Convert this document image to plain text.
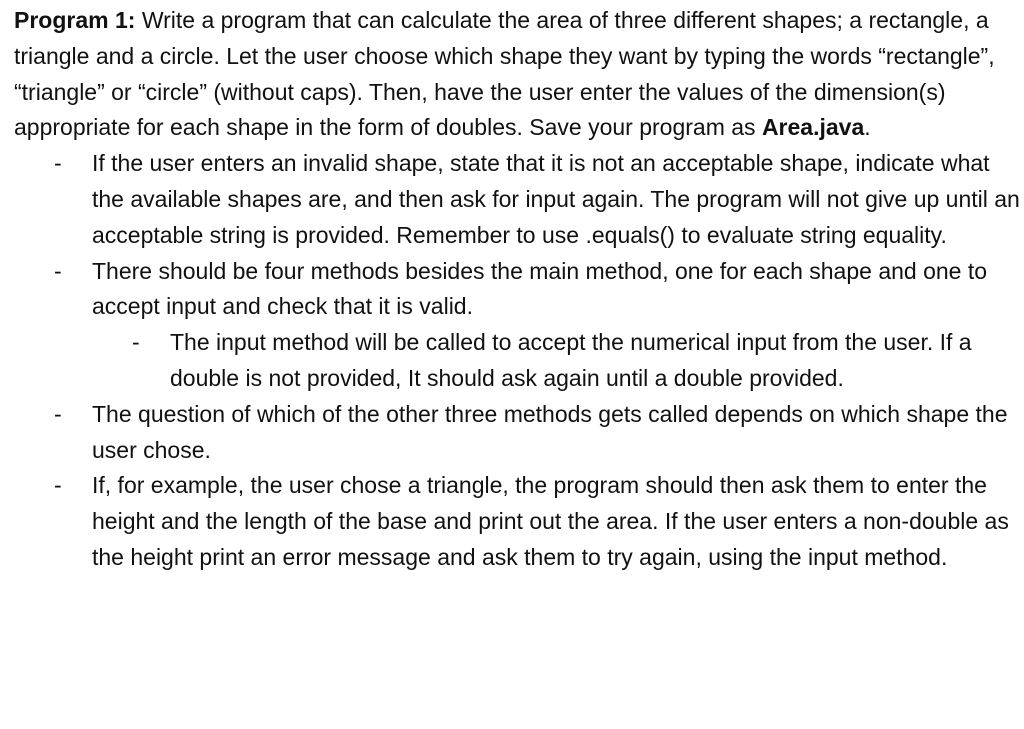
Program 1: Write a program that can calculate the area of three different shapes; a rectangle, a triangle and a circle. Let the user choose which shape they want by typing the words “rectangle”, “triangle” or “circle” (without caps). Then, have the user enter the values of the dimension(s) appropriate for each shape in the form of doubles. Save your program as Area.java.

- If the user enters an invalid shape, state that it is not an acceptable shape, indicate what the available shapes are, and then ask for input again. The program will not give up until an acceptable string is provided. Remember to use .equals() to evaluate string equality.
- There should be four methods besides the main method, one for each shape and one to accept input and check that it is valid.
- The input method will be called to accept the numerical input from the user. If a double is not provided, It should ask again until a double provided.
- The question of which of the other three methods gets called depends on which shape the user chose.
- If, for example, the user chose a triangle, the program should then ask them to enter the height and the length of the base and print out the area. If the user enters a non-double as the height print an error message and ask them to try again, using the input method.
